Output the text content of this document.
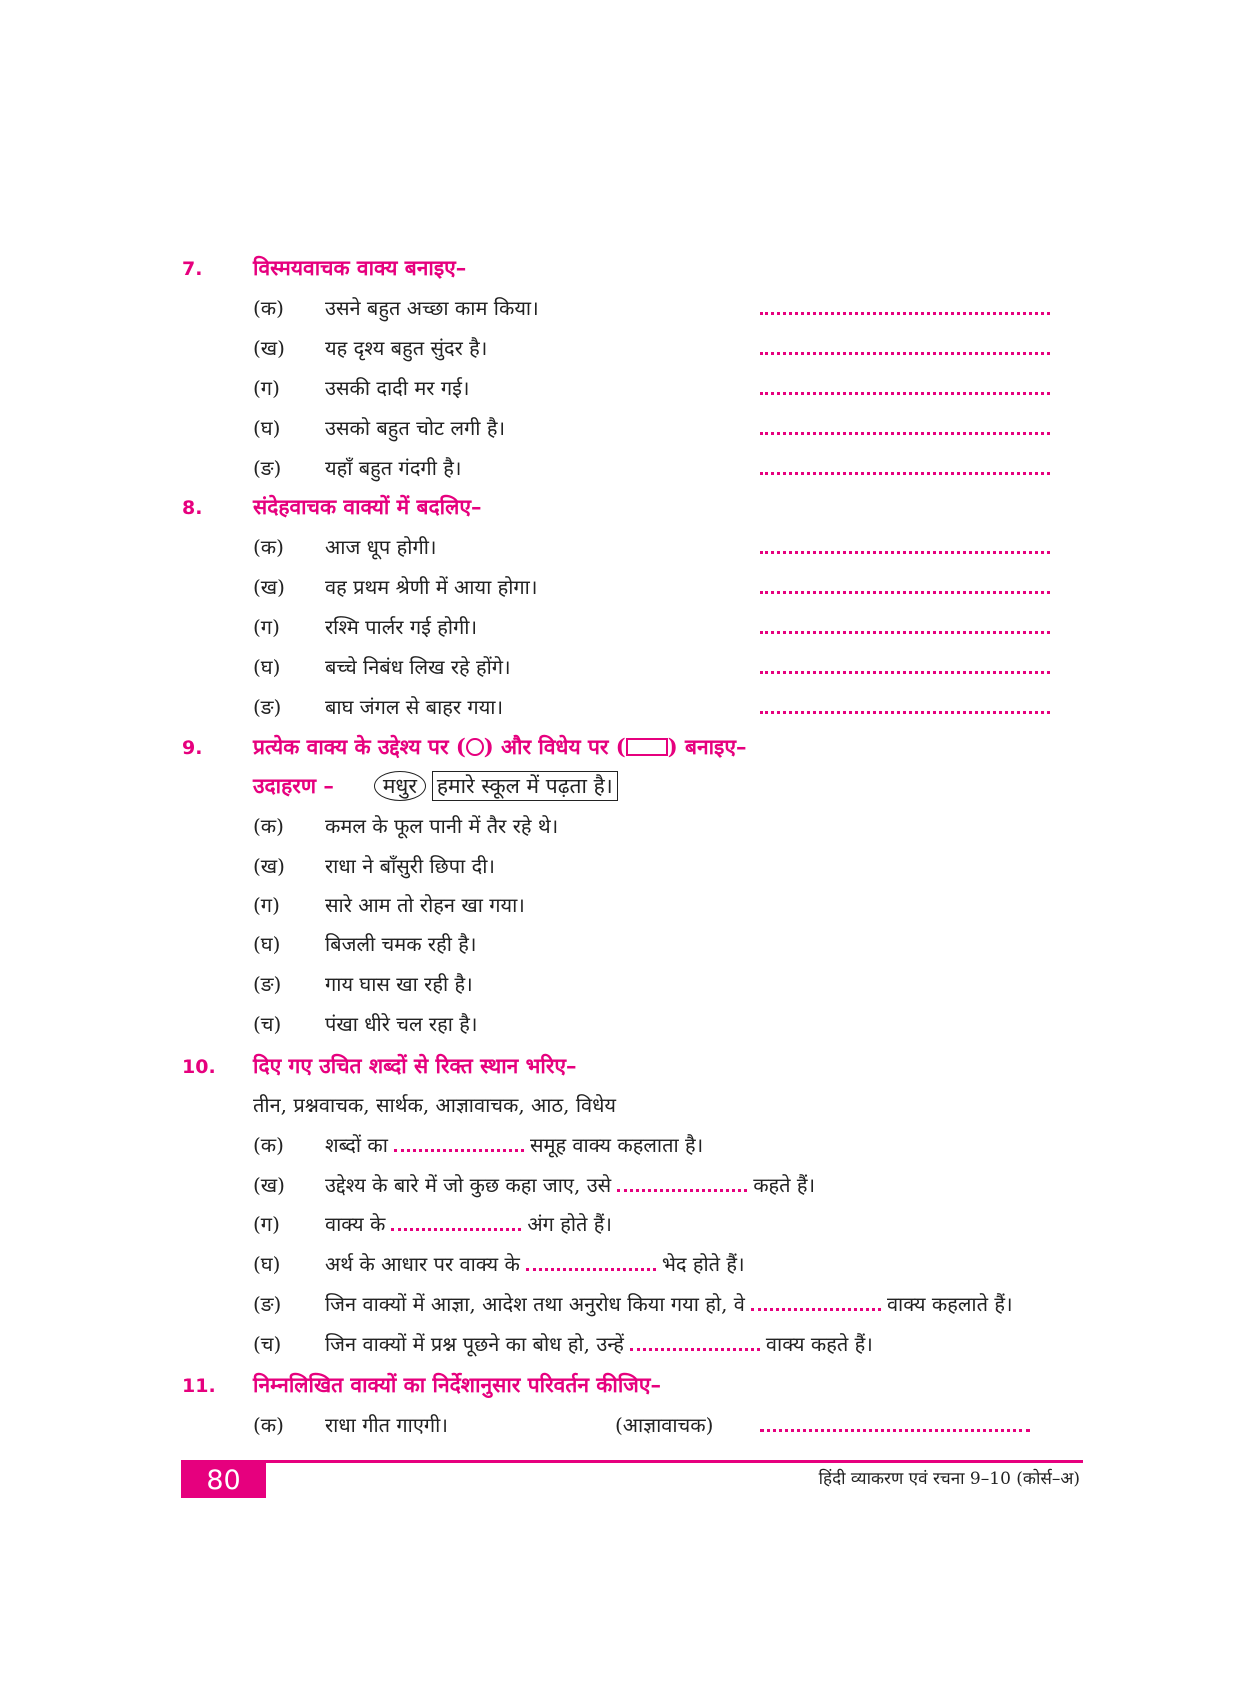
7. विस्मयवाचक वाक्य बनाइए–
(क)	उसने बहुत अच्छा काम किया।
(ख)	यह दृश्य बहुत सुंदर है।
(ग)	उसकी दादी मर गई।
(घ)	उसको बहुत चोट लगी है।
(ङ)	यहाँ बहुत गंदगी है।
8. संदेहवाचक वाक्यों में बदलिए–
(क)	आज धूप होगी।
(ख)	वह प्रथम श्रेणी में आया होगा।
(ग)	रश्मि पार्लर गई होगी।
(घ)	बच्चे निबंध लिख रहे होंगे।
(ङ)	बाघ जंगल से बाहर गया।
9. प्रत्येक वाक्य के उद्देश्य पर ( ) और विधेय पर ( ) बनाइए–
उदाहरण – मधुर हमारे स्कूल में पढ़ता है।
(क)	कमल के फूल पानी में तैर रहे थे।
(ख)	राधा ने बाँसुरी छिपा दी।
(ग)	सारे आम तो रोहन खा गया।
(घ)	बिजली चमक रही है।
(ङ)	गाय घास खा रही है।
(च)	पंखा धीरे चल रहा है।
10. दिए गए उचित शब्दों से रिक्त स्थान भरिए–
तीन, प्रश्नवाचक, सार्थक, आज्ञावाचक, आठ, विधेय
(क)	शब्दों का	समूह वाक्य कहलाता है।
(ख)	उद्देश्य के बारे में जो कुछ कहा जाए, उसे	कहते हैं।
(ग)	वाक्य के	अंग होते हैं।
(घ)	अर्थ के आधार पर वाक्य के	भेद होते हैं।
(ङ)	जिन वाक्यों में आज्ञा, आदेश तथा अनुरोध किया गया हो, वे	वाक्य कहलाते हैं।
(च)	जिन वाक्यों में प्रश्न पूछने का बोध हो, उन्हें	वाक्य कहते हैं।
11. निम्नलिखित वाक्यों का निर्देशानुसार परिवर्तन कीजिए–
(क)	राधा गीत गाएगी।	(आज्ञावाचक)
80	हिंदी व्याकरण एवं रचना 9–10 (कोर्स–अ)
